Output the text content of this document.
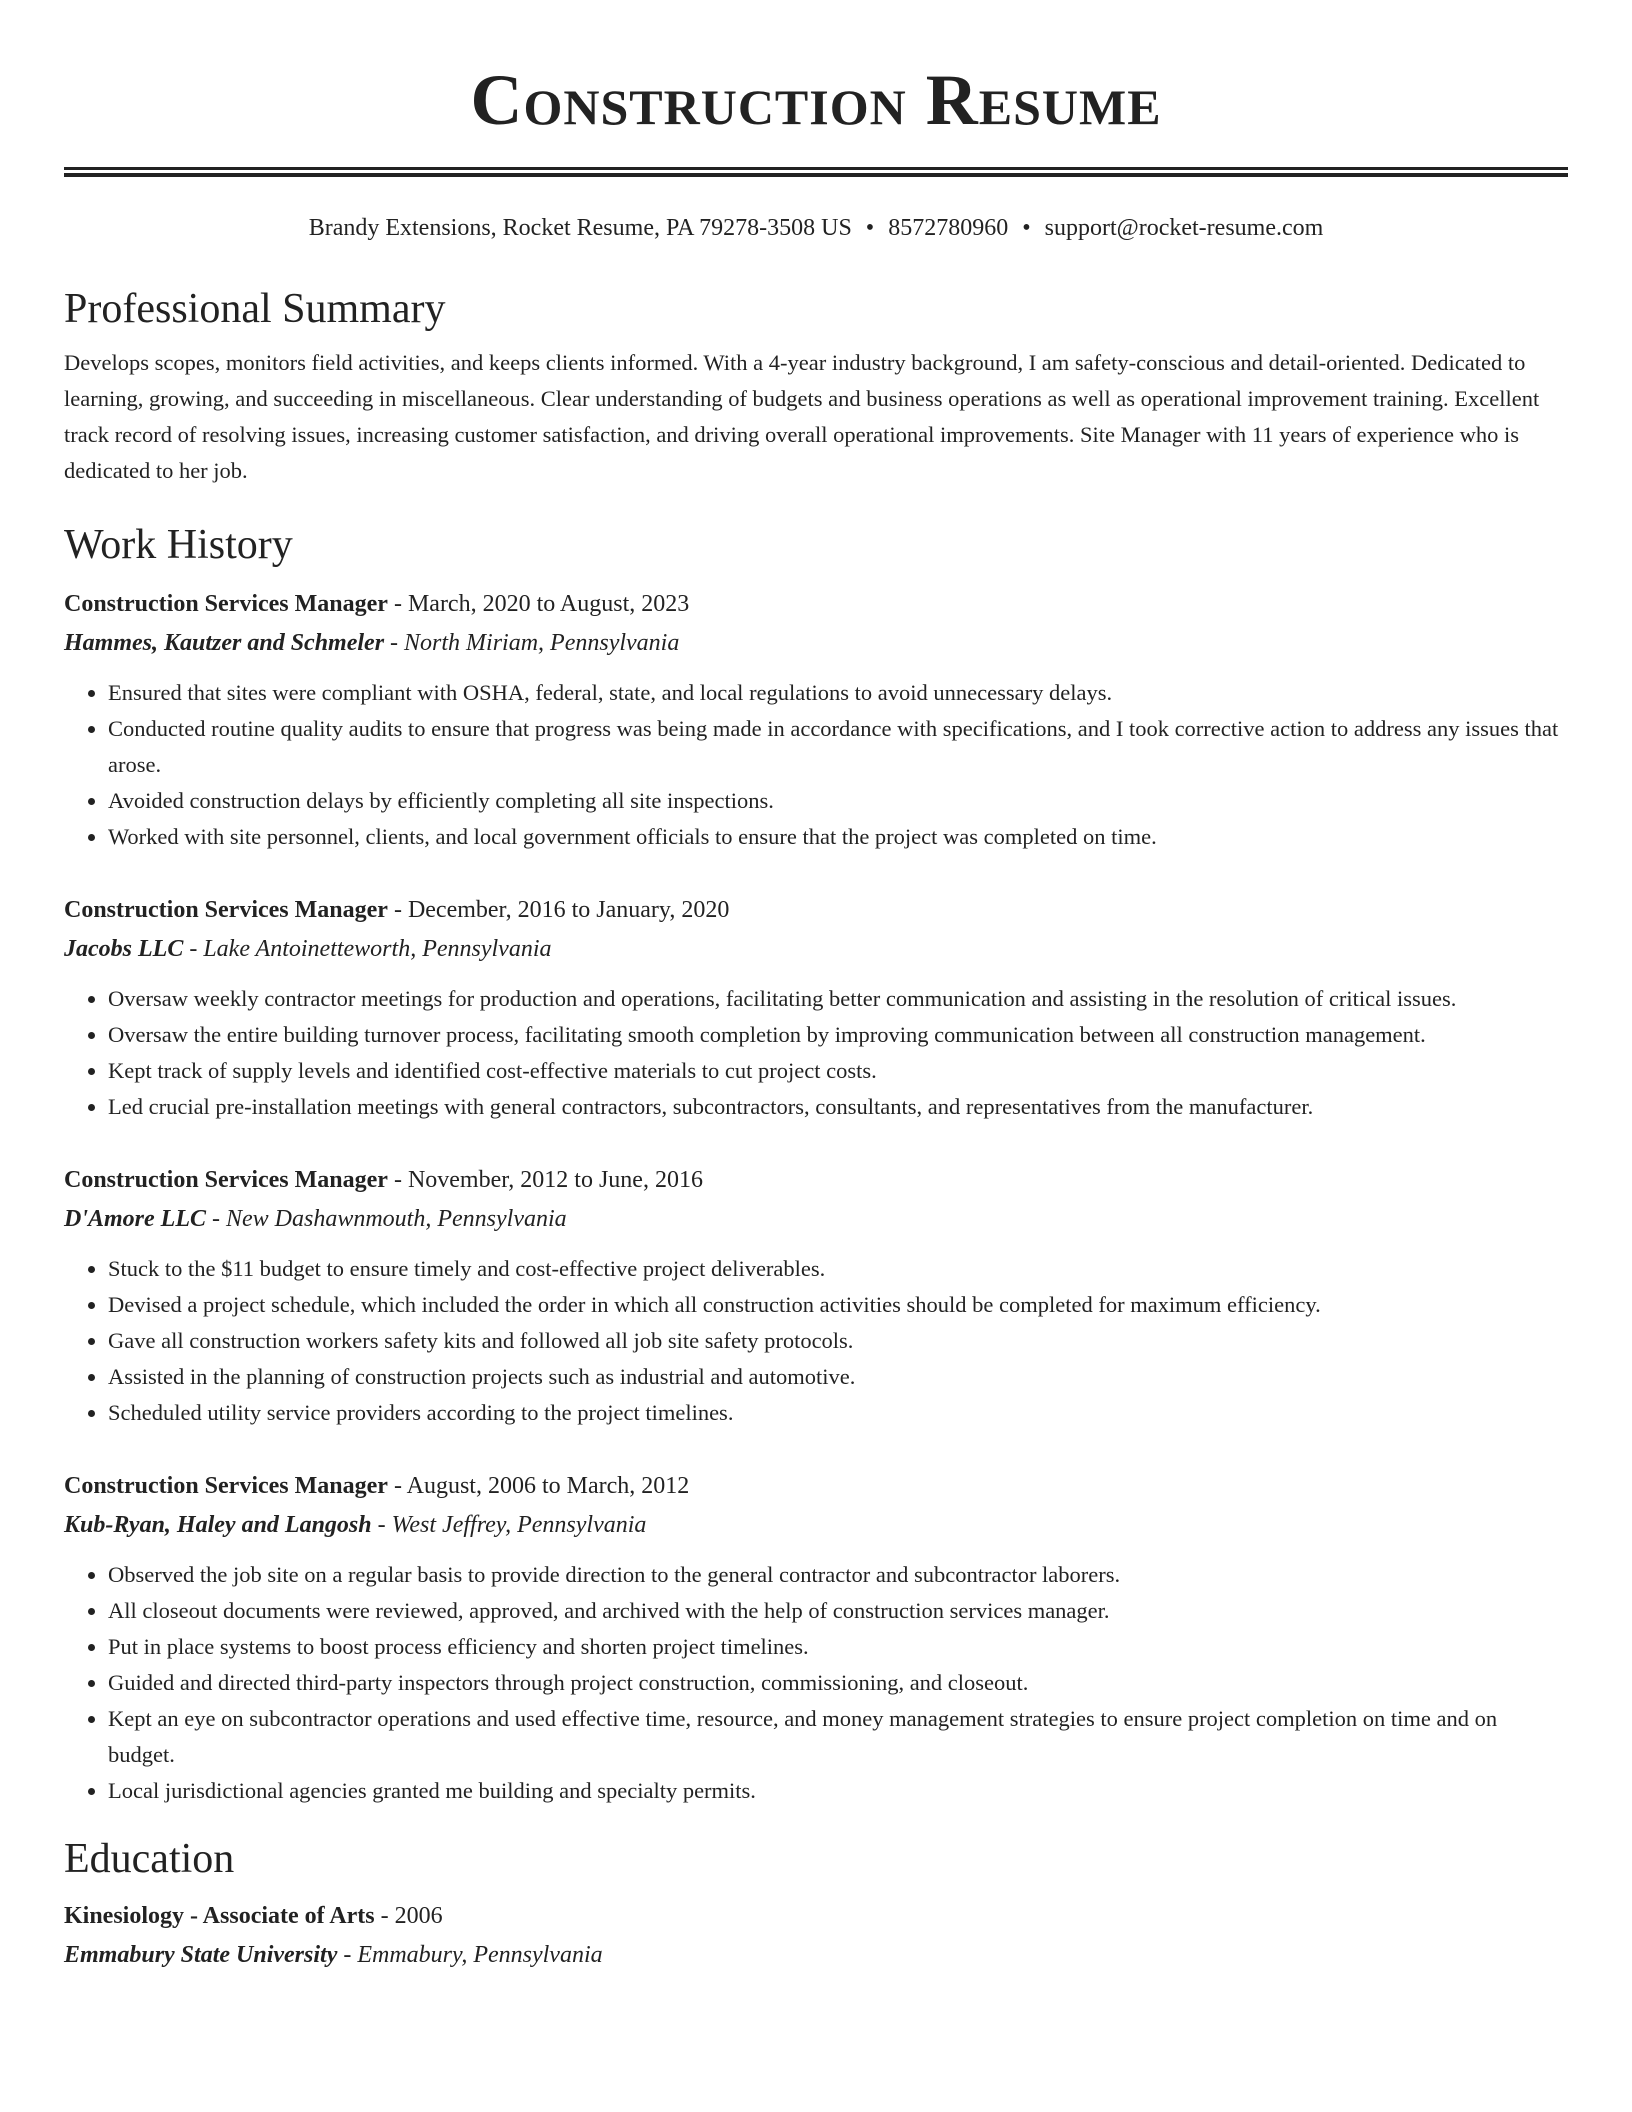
Construction Resume
Brandy Extensions, Rocket Resume, PA 79278-3508 US • 8572780960 • support@rocket-resume.com
Professional Summary

Develops scopes, monitors field activities, and keeps clients informed. With a 4-year industry background, I am safety-conscious and detail-oriented. Dedicated to learning, growing, and succeeding in miscellaneous. Clear understanding of budgets and business operations as well as operational improvement training. Excellent track record of resolving issues, increasing customer satisfaction, and driving overall operational improvements. Site Manager with 11 years of experience who is dedicated to her job.

Work History
Construction Services Manager - March, 2020 to August, 2023
Hammes, Kautzer and Schmeler - North Miriam, Pennsylvania
• Ensured that sites were compliant with OSHA, federal, state, and local regulations to avoid unnecessary delays.
• Conducted routine quality audits to ensure that progress was being made in accordance with specifications, and I took corrective action to address any issues that arose.
• Avoided construction delays by efficiently completing all site inspections.
• Worked with site personnel, clients, and local government officials to ensure that the project was completed on time.
Construction Services Manager - December, 2016 to January, 2020
Jacobs LLC - Lake Antoinetteworth, Pennsylvania
• Oversaw weekly contractor meetings for production and operations, facilitating better communication and assisting in the resolution of critical issues.
• Oversaw the entire building turnover process, facilitating smooth completion by improving communication between all construction management.
• Kept track of supply levels and identified cost-effective materials to cut project costs.
• Led crucial pre-installation meetings with general contractors, subcontractors, consultants, and representatives from the manufacturer.
Construction Services Manager - November, 2012 to June, 2016
D'Amore LLC - New Dashawnmouth, Pennsylvania
• Stuck to the $11 budget to ensure timely and cost-effective project deliverables.
• Devised a project schedule, which included the order in which all construction activities should be completed for maximum efficiency.
• Gave all construction workers safety kits and followed all job site safety protocols.
• Assisted in the planning of construction projects such as industrial and automotive.
• Scheduled utility service providers according to the project timelines.
Construction Services Manager - August, 2006 to March, 2012
Kub-Ryan, Haley and Langosh - West Jeffrey, Pennsylvania
• Observed the job site on a regular basis to provide direction to the general contractor and subcontractor laborers.
• All closeout documents were reviewed, approved, and archived with the help of construction services manager.
• Put in place systems to boost process efficiency and shorten project timelines.
• Guided and directed third-party inspectors through project construction, commissioning, and closeout.
• Kept an eye on subcontractor operations and used effective time, resource, and money management strategies to ensure project completion on time and on budget.
• Local jurisdictional agencies granted me building and specialty permits.
Education
Kinesiology - Associate of Arts - 2006
Emmabury State University - Emmabury, Pennsylvania
